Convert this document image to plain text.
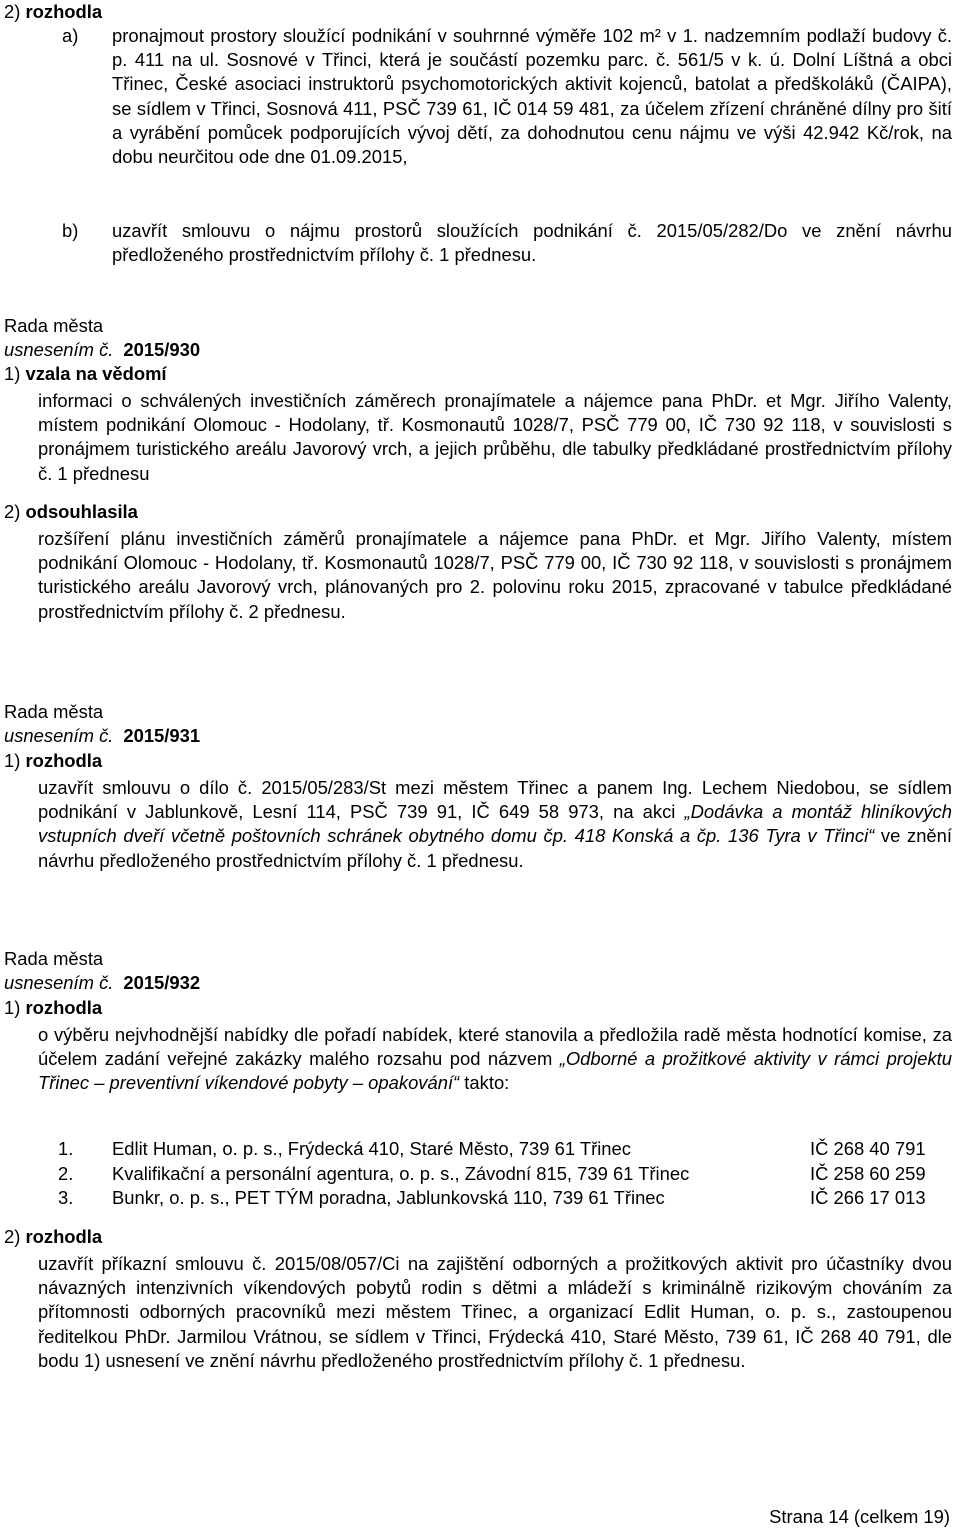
2) rozhodla
a)	pronajmout prostory sloužící podnikání v souhrnné výměře 102 m² v 1. nadzemním podlaží budovy č. p. 411 na ul. Sosnové v Třinci, která je součástí pozemku parc. č. 561/5 v k. ú. Dolní Líštná a obci Třinec, České asociaci instruktorů psychomotorických aktivit kojenců, batolat a předškoláků (ČAIPA), se sídlem v Třinci, Sosnová 411, PSČ 739 61, IČ 014 59 481, za účelem zřízení chráněné dílny pro šití a vyrábění pomůcek podporujících vývoj dětí, za dohodnutou cenu nájmu ve výši 42.942 Kč/rok, na dobu neurčitou ode dne 01.09.2015,
b)	uzavřít smlouvu o nájmu prostorů sloužících podnikání č. 2015/05/282/Do ve znění návrhu předloženého prostřednictvím přílohy č. 1 přednesu.
Rada města
usnesením č. 2015/930
1) vzala na vědomí
informaci o schválených investičních záměrech pronajímatele a nájemce pana PhDr. et Mgr. Jiřího Valenty, místem podnikání Olomouc - Hodolany, tř. Kosmonautů 1028/7, PSČ 779 00, IČ 730 92 118, v souvislosti s pronájmem turistického areálu Javorový vrch, a jejich průběhu, dle tabulky předkládané prostřednictvím přílohy č. 1 přednesu
2) odsouhlasila
rozšíření plánu investičních záměrů pronajímatele a nájemce pana PhDr. et Mgr. Jiřího Valenty, místem podnikání Olomouc - Hodolany, tř. Kosmonautů 1028/7, PSČ 779 00, IČ 730 92 118, v souvislosti s pronájmem turistického areálu Javorový vrch, plánovaných pro 2. polovinu roku 2015, zpracované v tabulce předkládané prostřednictvím přílohy č. 2 přednesu.
Rada města
usnesením č. 2015/931
1) rozhodla
uzavřít smlouvu o dílo č. 2015/05/283/St mezi městem Třinec a panem Ing. Lechem Niedobou, se sídlem podnikání v Jablunkově, Lesní 114, PSČ 739 91, IČ 649 58 973, na akci „Dodávka a montáž hliníkových vstupních dveří včetně poštovních schránek obytného domu čp. 418 Konská a čp. 136 Tyra v Třinci“ ve znění návrhu předloženého prostřednictvím přílohy č. 1 přednesu.
Rada města
usnesením č. 2015/932
1) rozhodla
o výběru nejvhodnější nabídky dle pořadí nabídek, které stanovila a předložila radě města hodnotící komise, za účelem zadání veřejné zakázky malého rozsahu pod názvem „Odborné a prožitkové aktivity v rámci projektu Třinec – preventivní víkendové pobyty – opakování“ takto:
1. Edlit Human, o. p. s., Frýdecká 410, Staré Město, 739 61 Třinec	IČ 268 40 791
2. Kvalifikační a personální agentura, o. p. s., Závodní 815, 739 61 Třinec	IČ 258 60 259
3. Bunkr, o. p. s., PET TÝM poradna, Jablunkovská 110, 739 61 Třinec	IČ 266 17 013
2) rozhodla
uzavřít příkazní smlouvu č. 2015/08/057/Ci na zajištění odborných a prožitkových aktivit pro účastníky dvou návazných intenzivních víkendových pobytů rodin s dětmi a mládeží s kriminálně rizikovým chováním za přítomnosti odborných pracovníků mezi městem Třinec, a organizací Edlit Human, o. p. s., zastoupenou ředitelkou PhDr. Jarmilou Vrátnou, se sídlem v Třinci, Frýdecká 410, Staré Město, 739 61, IČ 268 40 791, dle bodu 1) usnesení ve znění návrhu předloženého prostřednictvím přílohy č. 1 přednesu.
Strana 14 (celkem 19)
